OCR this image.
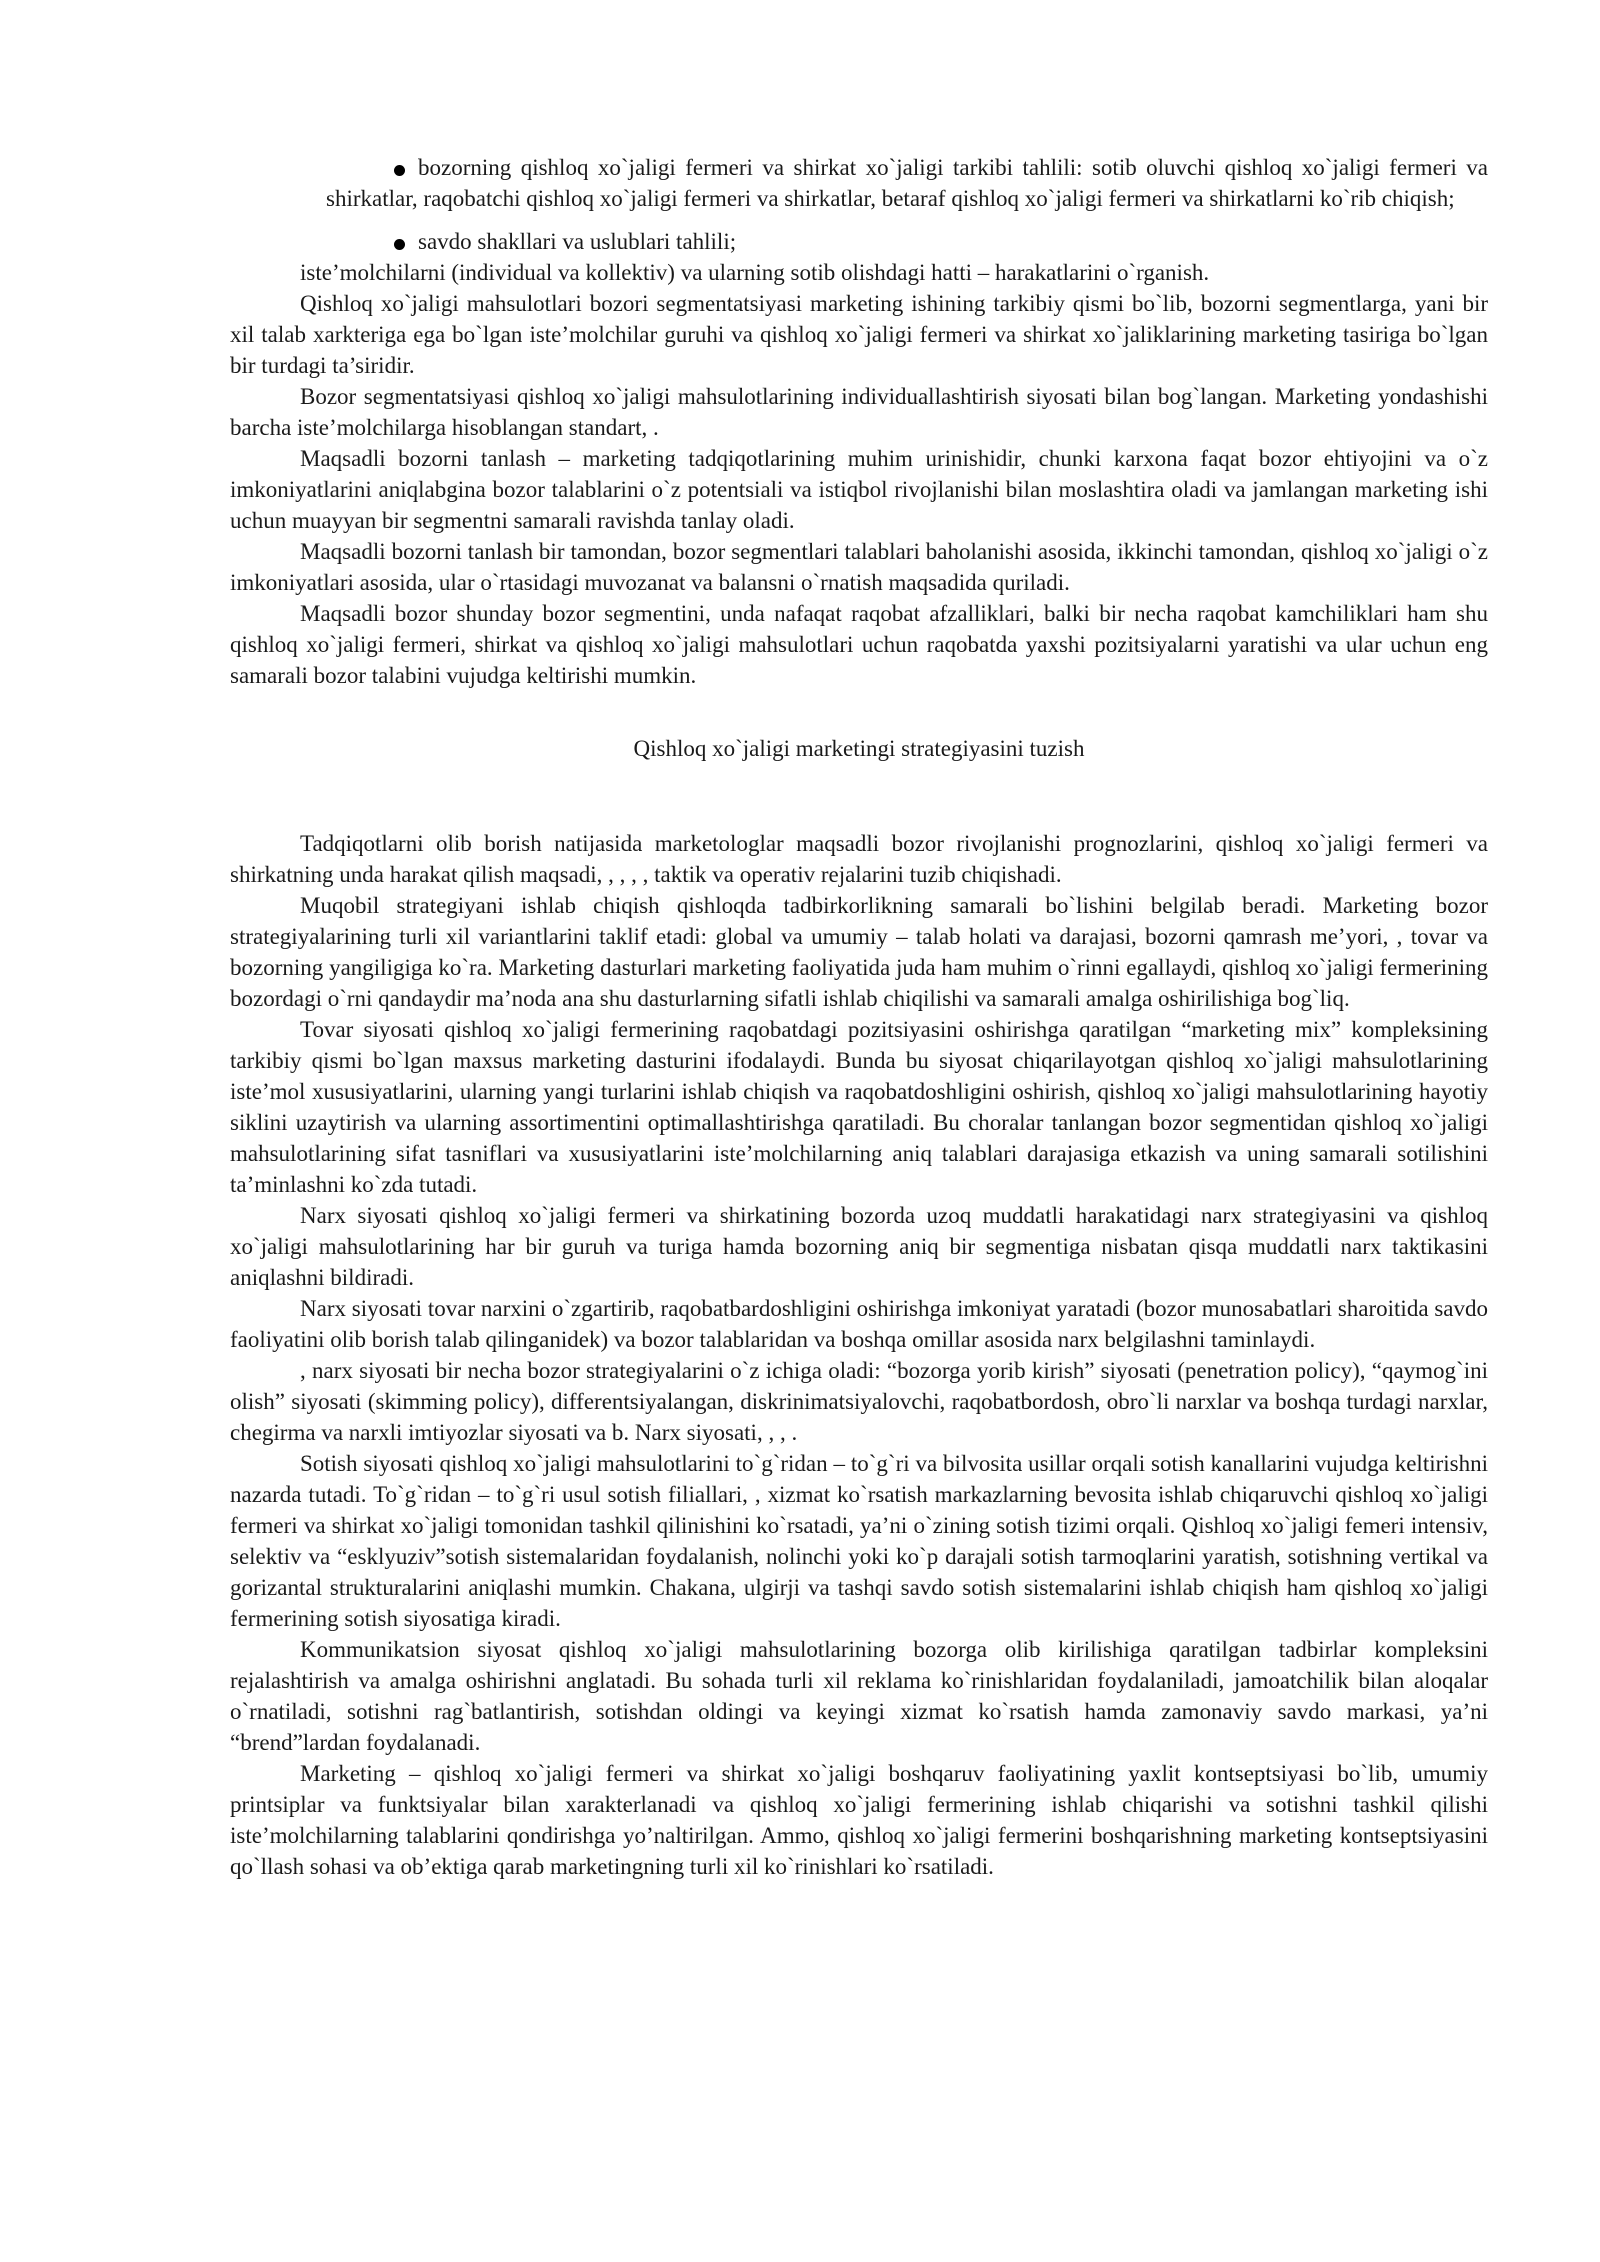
bozorning qishloq xo`jaligi fermeri va shirkat xo`jaligi tarkibi tahlili: sotib oluvchi qishloq xo`jaligi fermeri va shirkatlar, raqobatchi qishloq xo`jaligi fermeri va shirkatlar, betaraf qishloq xo`jaligi fermeri va shirkatlarni ko`rib chiqish;
savdo shakllari va uslublari tahlili;
iste’molchilarni (individual va kollektiv) va ularning sotib olishdagi hatti – harakatlarini o`rganish.

Qishloq xo`jaligi mahsulotlari bozori segmentatsiyasi marketing ishining tarkibiy qismi bo`lib, bozorni segmentlarga, yani bir xil talab xarkteriga ega bo`lgan iste’molchilar guruhi va qishloq xo`jaligi fermeri va shirkat xo`jaliklarining marketing tasiriga bo`lgan bir turdagi ta’siridir.

Bozor segmentatsiyasi qishloq xo`jaligi mahsulotlarining individuallashtirish siyosati bilan bog`langan. Marketing yondashishi barcha iste’molchilarga hisoblangan standart, .

Maqsadli bozorni tanlash – marketing tadqiqotlarining muhim urinishidir, chunki karxona faqat bozor ehtiyojini va o`z imkoniyatlarini aniqlabgina bozor talablarini o`z potentsiali va istiqbol rivojlanishi bilan moslashtira oladi va jamlangan marketing ishi uchun muayyan bir segmentni samarali ravishda tanlay oladi.

Maqsadli bozorni tanlash bir tamondan, bozor segmentlari talablari baholanishi asosida, ikkinchi tamondan, qishloq xo`jaligi o`z imkoniyatlari asosida, ular o`rtasidagi muvozanat va balansni o`rnatish maqsadida quriladi.

Maqsadli bozor shunday bozor segmentini, unda nafaqat raqobat afzalliklari, balki bir necha raqobat kamchiliklari ham shu qishloq xo`jaligi fermeri, shirkat va qishloq xo`jaligi mahsulotlari uchun raqobatda yaxshi pozitsiyalarni yaratishi va ular uchun eng samarali bozor talabini vujudga keltirishi mumkin.

Qishloq xo`jaligi marketingi strategiyasini tuzish

Tadqiqotlarni olib borish natijasida marketologlar maqsadli bozor rivojlanishi prognozlarini, qishloq xo`jaligi fermeri va shirkatning unda harakat qilish maqsadi, , , , , taktik va operativ rejalarini tuzib chiqishadi.

Muqobil strategiyani ishlab chiqish qishloqda tadbirkorlikning samarali bo`lishini belgilab beradi. Marketing bozor strategiyalarining turli xil variantlarini taklif etadi: global va umumiy – talab holati va darajasi, bozorni qamrash me’yori, , tovar va bozorning yangiligiga ko`ra. Marketing dasturlari marketing faoliyatida juda ham muhim o`rinni egallaydi, qishloq xo`jaligi fermerining bozordagi o`rni qandaydir ma’noda ana shu dasturlarning sifatli ishlab chiqilishi va samarali amalga oshirilishiga bog`liq.

Tovar siyosati qishloq xo`jaligi fermerining raqobatdagi pozitsiyasini oshirishga qaratilgan “marketing mix” kompleksining tarkibiy qismi bo`lgan maxsus marketing dasturini ifodalaydi. Bunda bu siyosat chiqarilayotgan qishloq xo`jaligi mahsulotlarining iste’mol xususiyatlarini, ularning yangi turlarini ishlab chiqish va raqobatdoshligini oshirish, qishloq xo`jaligi mahsulotlarining hayotiy siklini uzaytirish va ularning assortimentini optimallashtirishga qaratiladi. Bu choralar tanlangan bozor segmentidan qishloq xo`jaligi mahsulotlarining sifat tasniflari va xususiyatlarini iste’molchilarning aniq talablari darajasiga etkazish va uning samarali sotilishini ta’minlashni ko`zda tutadi.

Narx siyosati qishloq xo`jaligi fermeri va shirkatining bozorda uzoq muddatli harakatidagi narx strategiyasini va qishloq xo`jaligi mahsulotlarining har bir guruh va turiga hamda bozorning aniq bir segmentiga nisbatan qisqa muddatli narx taktikasini aniqlashni bildiradi.

Narx siyosati tovar narxini o`zgartirib, raqobatbardoshligini oshirishga imkoniyat yaratadi (bozor munosabatlari sharoitida savdo faoliyatini olib borish talab qilinganidek) va bozor talablaridan va boshqa omillar asosida narx belgilashni taminlaydi.

, narx siyosati bir necha bozor strategiyalarini o`z ichiga oladi: “bozorga yorib kirish” siyosati (penetration policy), “qaymog`ini olish” siyosati (skimming policy), differentsiyalangan, diskrinimatsiyalovchi, raqobatbordosh, obro`li narxlar va boshqa turdagi narxlar, chegirma va narxli imtiyozlar siyosati va b. Narx siyosati, , , .

Sotish siyosati qishloq xo`jaligi mahsulotlarini to`g`ridan – to`g`ri va bilvosita usillar orqali sotish kanallarini vujudga keltirishni nazarda tutadi. To`g`ridan – to`g`ri usul sotish filiallari, , xizmat ko`rsatish markazlarning bevosita ishlab chiqaruvchi qishloq xo`jaligi fermeri va shirkat xo`jaligi tomonidan tashkil qilinishini ko`rsatadi, ya’ni o`zining sotish tizimi orqali. Qishloq xo`jaligi femeri intensiv, selektiv va “esklyuziv”sotish sistemalaridan foydalanish, nolinchi yoki ko`p darajali sotish tarmoqlarini yaratish, sotishning vertikal va gorizantal strukturalarini aniqlashi mumkin. Chakana, ulgirji va tashqi savdo sotish sistemalarini ishlab chiqish ham qishloq xo`jaligi fermerining sotish siyosatiga kiradi.

Kommunikatsion siyosat qishloq xo`jaligi mahsulotlarining bozorga olib kirilishiga qaratilgan tadbirlar kompleksini rejalashtirish va amalga oshirishni anglatadi. Bu sohada turli xil reklama ko`rinishlaridan foydalaniladi, jamoatchilik bilan aloqalar o`rnatiladi, sotishni rag`batlantirish, sotishdan oldingi va keyingi xizmat ko`rsatish hamda zamonaviy savdo markasi, ya’ni “brend”lardan foydalanadi.

Marketing – qishloq xo`jaligi fermeri va shirkat xo`jaligi boshqaruv faoliyatining yaxlit kontseptsiyasi bo`lib, umumiy printsiplar va funktsiyalar bilan xarakterlanadi va qishloq xo`jaligi fermerining ishlab chiqarishi va sotishni tashkil qilishi iste’molchilarning talablarini qondirishga yo’naltirilgan. Ammo, qishloq xo`jaligi fermerini boshqarishning marketing kontseptsiyasini qo`llash sohasi va ob’ektiga qarab marketingning turli xil ko`rinishlari ko`rsatiladi.
